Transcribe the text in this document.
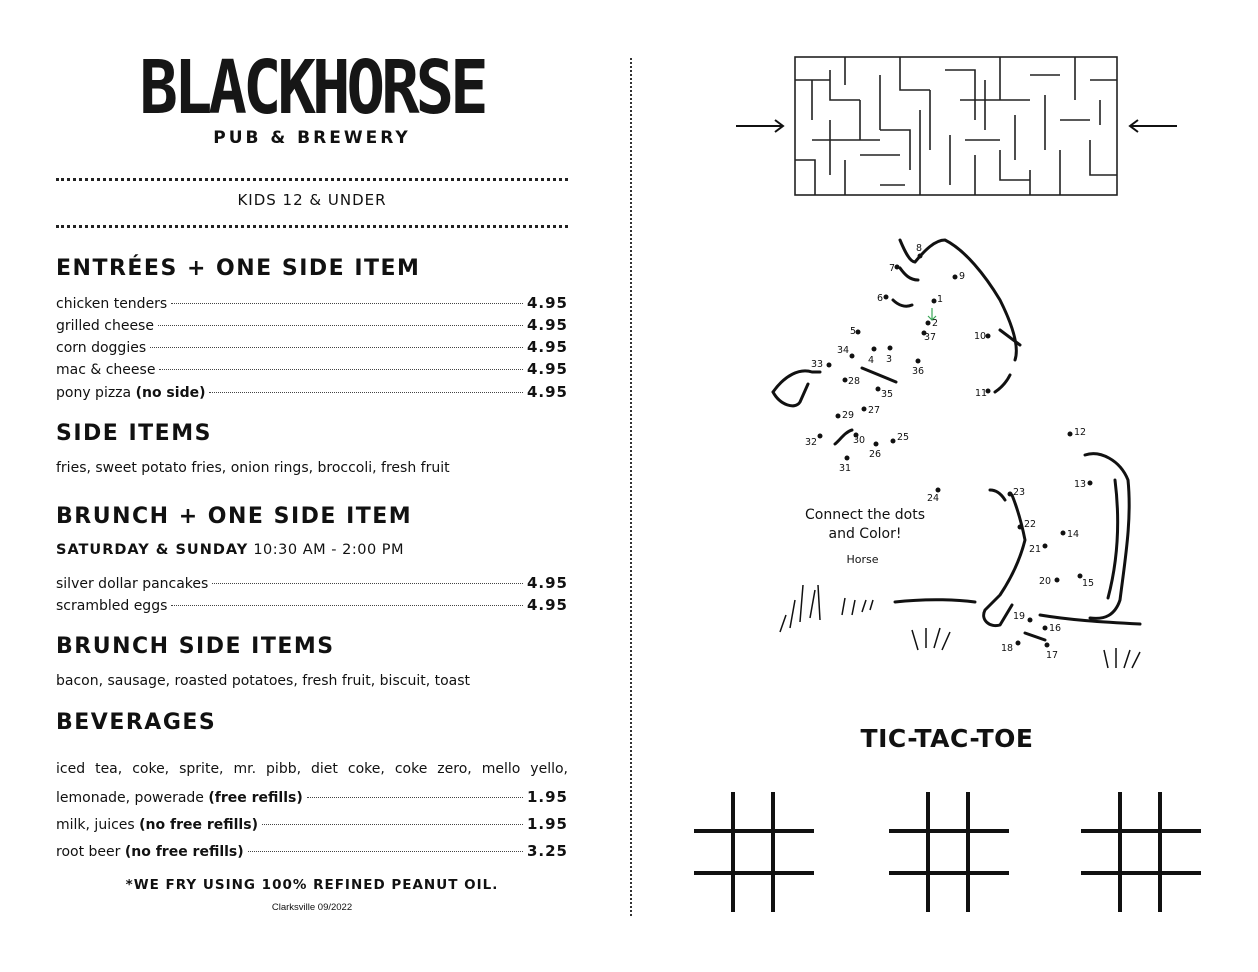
BLACKHORSE
PUB & BREWERY
KIDS 12 & UNDER
ENTRÉES + ONE SIDE ITEM
chicken tenders	4.95
grilled cheese	4.95
corn doggies	4.95
mac & cheese	4.95
pony pizza (no side)	4.95
SIDE ITEMS
fries, sweet potato fries, onion rings, broccoli, fresh fruit
BRUNCH + ONE SIDE ITEM
SATURDAY & SUNDAY 10:30 AM - 2:00 PM
silver dollar pancakes	4.95
scrambled eggs	4.95
BRUNCH SIDE ITEMS
bacon, sausage, roasted potatoes, fresh fruit, biscuit, toast
BEVERAGES
iced tea, coke, sprite, mr. pibb, diet coke, coke zero, mello yello,
lemonade, powerade (free refills)	1.95
milk, juices (no free refills)	1.95
root beer (no free refills)	3.25
*WE FRY USING 100% REFINED PEANUT OIL.
Clarksville 09/2022
1
2
3
4
5
6
7
8
9
10
11
12
13
14
15
16
17
18
19
20
21
22
23
24
25
26
27
28
29
30
31
32
33
34
35
36
37
Connect the dots and Color!
Horse
TIC-TAC-TOE
